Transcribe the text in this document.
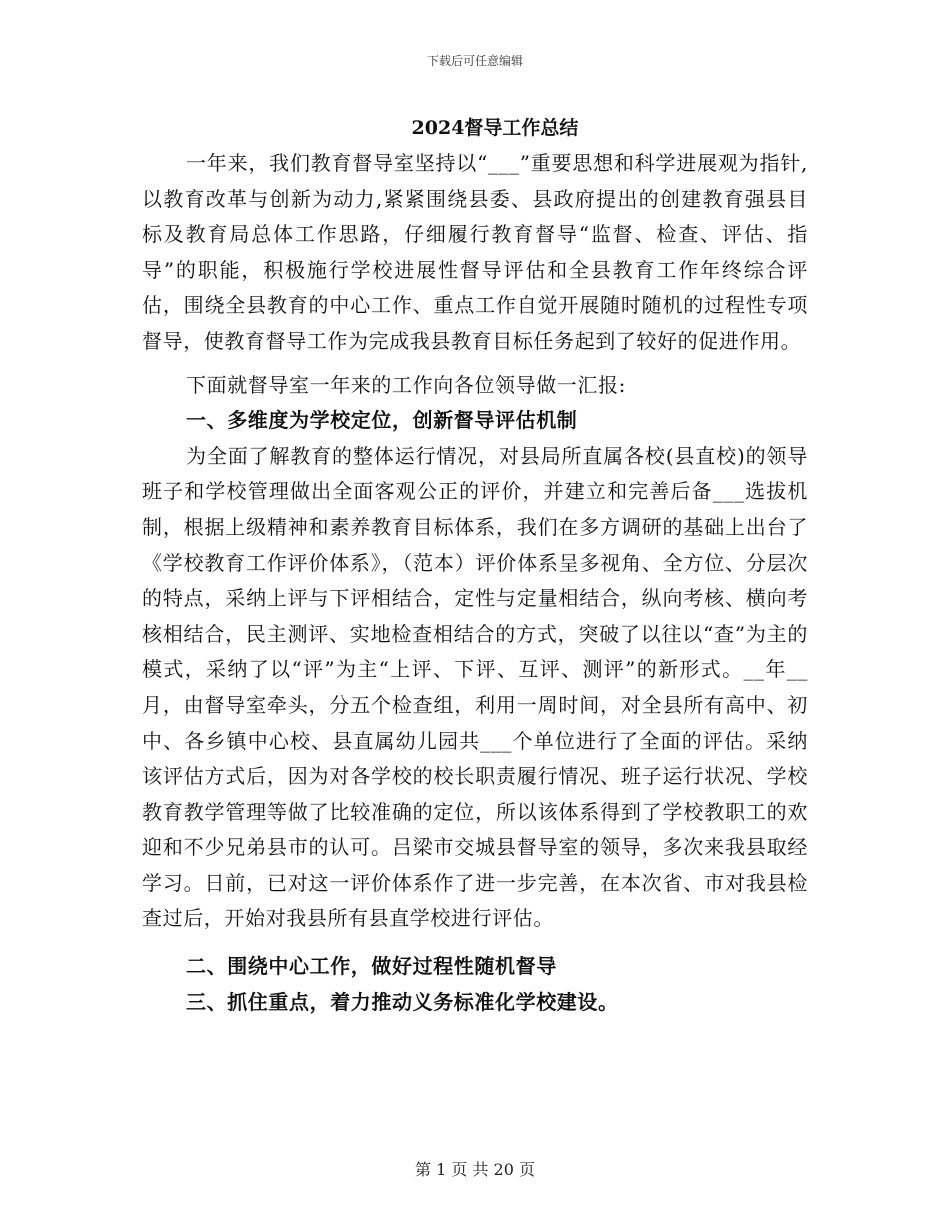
下载后可任意编辑
2024督导工作总结

一年来，我们教育督导室坚持以“___”重要思想和科学进展观为指针,以教育改革与创新为动力,紧紧围绕县委、县政府提出的创建教育强县目标及教育局总体工作思路，仔细履行教育督导“监督、检查、评估、指导”的职能，积极施行学校进展性督导评估和全县教育工作年终综合评估，围绕全县教育的中心工作、重点工作自觉开展随时随机的过程性专项督导，使教育督导工作为完成我县教育目标任务起到了较好的促进作用。

下面就督导室一年来的工作向各位领导做一汇报:

一、多维度为学校定位，创新督导评估机制

为全面了解教育的整体运行情况，对县局所直属各校(县直校)的领导班子和学校管理做出全面客观公正的评价，并建立和完善后备___选拔机制，根据上级精神和素养教育目标体系，我们在多方调研的基础上出台了《学校教育工作评价体系》，（范本）评价体系呈多视角、全方位、分层次的特点，采纳上评与下评相结合，定性与定量相结合，纵向考核、横向考核相结合，民主测评、实地检查相结合的方式，突破了以往以“查”为主的模式，采纳了以“评”为主“上评、下评、互评、测评”的新形式。__年__月，由督导室牵头，分五个检查组，利用一周时间，对全县所有高中、初中、各乡镇中心校、县直属幼儿园共___个单位进行了全面的评估。采纳该评估方式后，因为对各学校的校长职责履行情况、班子运行状况、学校教育教学管理等做了比较准确的定位，所以该体系得到了学校教职工的欢迎和不少兄弟县市的认可。吕梁市交城县督导室的领导，多次来我县取经学习。日前，已对这一评价体系作了进一步完善，在本次省、市对我县检查过后，开始对我县所有县直学校进行评估。

二、围绕中心工作，做好过程性随机督导

三、抓住重点，着力推动义务标准化学校建设。

第 1 页 共 20 页
